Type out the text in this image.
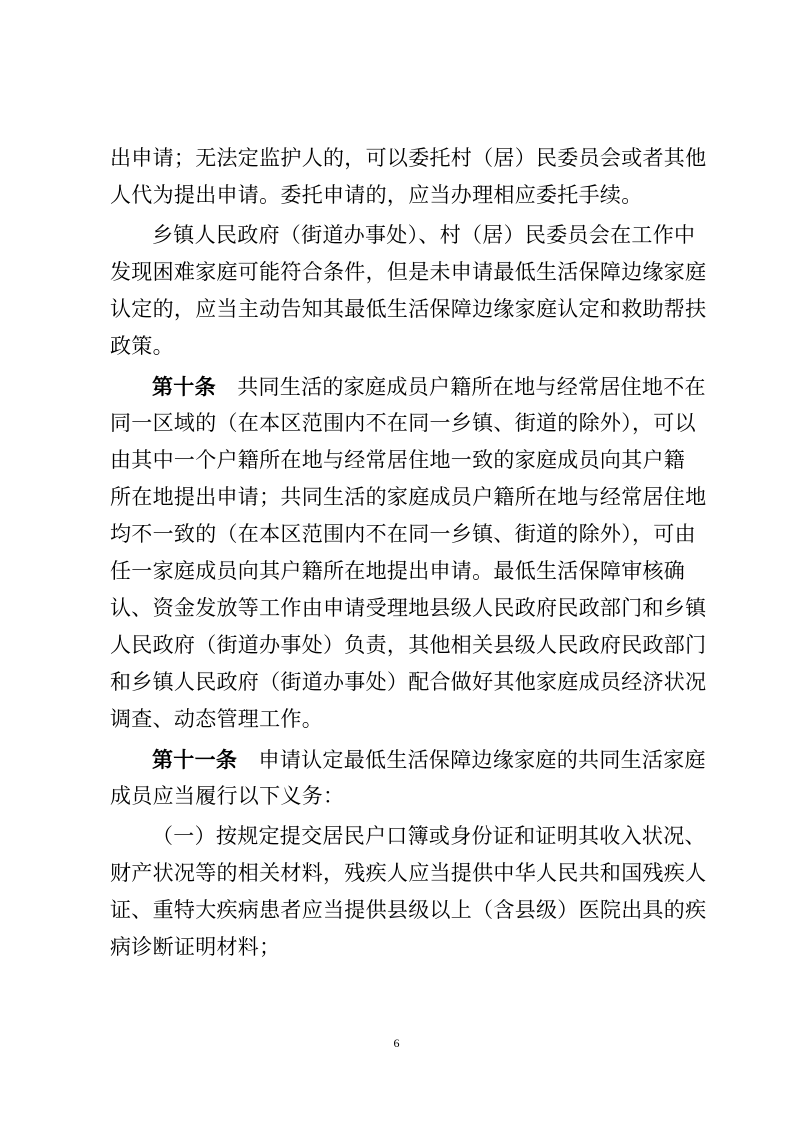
出申请；无法定监护人的，可以委托村（居）民委员会或者其他
人代为提出申请。委托申请的，应当办理相应委托手续。
乡镇人民政府（街道办事处）、村（居）民委员会在工作中
发现困难家庭可能符合条件，但是未申请最低生活保障边缘家庭
认定的，应当主动告知其最低生活保障边缘家庭认定和救助帮扶
政策。
第十条　 共同生活的家庭成员户籍所在地与经常居住地不在
同一区域的（在本区范围内不在同一乡镇、街道的除外），可以
由其中一个户籍所在地与经常居住地一致的家庭成员向其户籍
所在地提出申请；共同生活的家庭成员户籍所在地与经常居住地
均不一致的（在本区范围内不在同一乡镇、街道的除外），可由
任一家庭成员向其户籍所在地提出申请。最低生活保障审核确
认、资金发放等工作由申请受理地县级人民政府民政部门和乡镇
人民政府（街道办事处）负责，其他相关县级人民政府民政部门
和乡镇人民政府（街道办事处）配合做好其他家庭成员经济状况
调查、动态管理工作。
第十一条　 申请认定最低生活保障边缘家庭的共同生活家庭
成员应当履行以下义务：
（一）按规定提交居民户口簿或身份证和证明其收入状况、
财产状况等的相关材料，残疾人应当提供中华人民共和国残疾人
证、重特大疾病患者应当提供县级以上（含县级）医院出具的疾
病诊断证明材料；
6
